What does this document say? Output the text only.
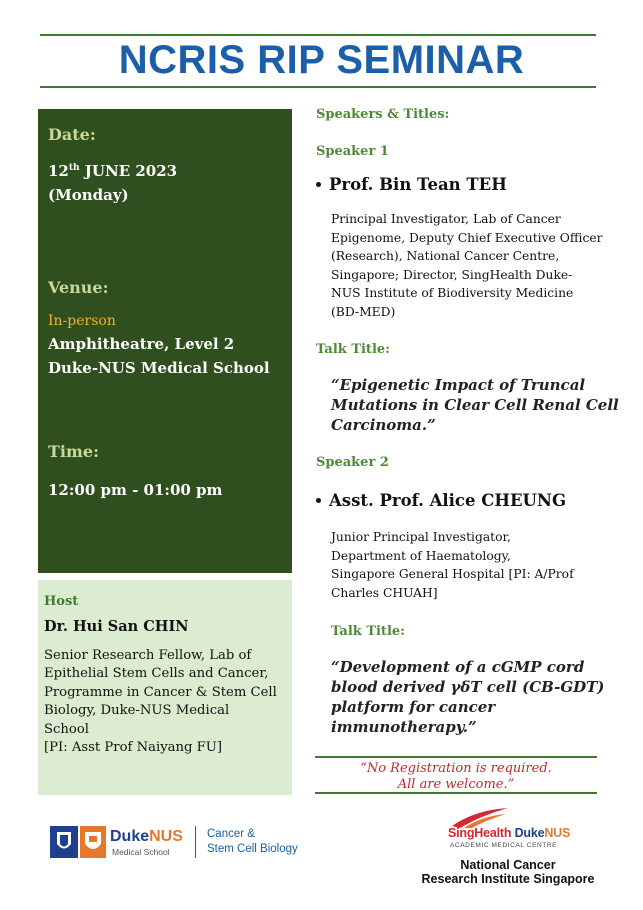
NCRIS RIP SEMINAR
Date:
12th JUNE 2023
(Monday)
Venue:
In-person
Amphitheatre, Level 2
Duke-NUS Medical School
Time:
12:00 pm - 01:00 pm
Host
Dr. Hui San CHIN
Senior Research Fellow, Lab of
Epithelial Stem Cells and Cancer,
Programme in Cancer & Stem Cell
Biology, Duke-NUS Medical
School
[PI: Asst Prof Naiyang FU]
Speakers & Titles:
Speaker 1
Prof. Bin Tean TEH
Principal Investigator, Lab of Cancer
Epigenome, Deputy Chief Executive Officer
(Research), National Cancer Centre,
Singapore; Director, SingHealth Duke-
NUS Institute of Biodiversity Medicine
(BD-MED)
Talk Title:
“Epigenetic Impact of Truncal
Mutations in Clear Cell Renal Cell
Carcinoma.”
Speaker 2
Asst. Prof. Alice CHEUNG
Junior Principal Investigator,
Department of Haematology,
Singapore General Hospital [PI: A/Prof
Charles CHUAH]
Talk Title:
“Development of a cGMP cord
blood derived γδT cell (CB-GDT)
platform for cancer
immunotherapy.”
“No Registration is required.
All are welcome.”
DukeNUS
Medical School
Cancer &
Stem Cell Biology
SingHealth DukeNUS
ACADEMIC MEDICAL CENTRE
National Cancer
Research Institute Singapore
